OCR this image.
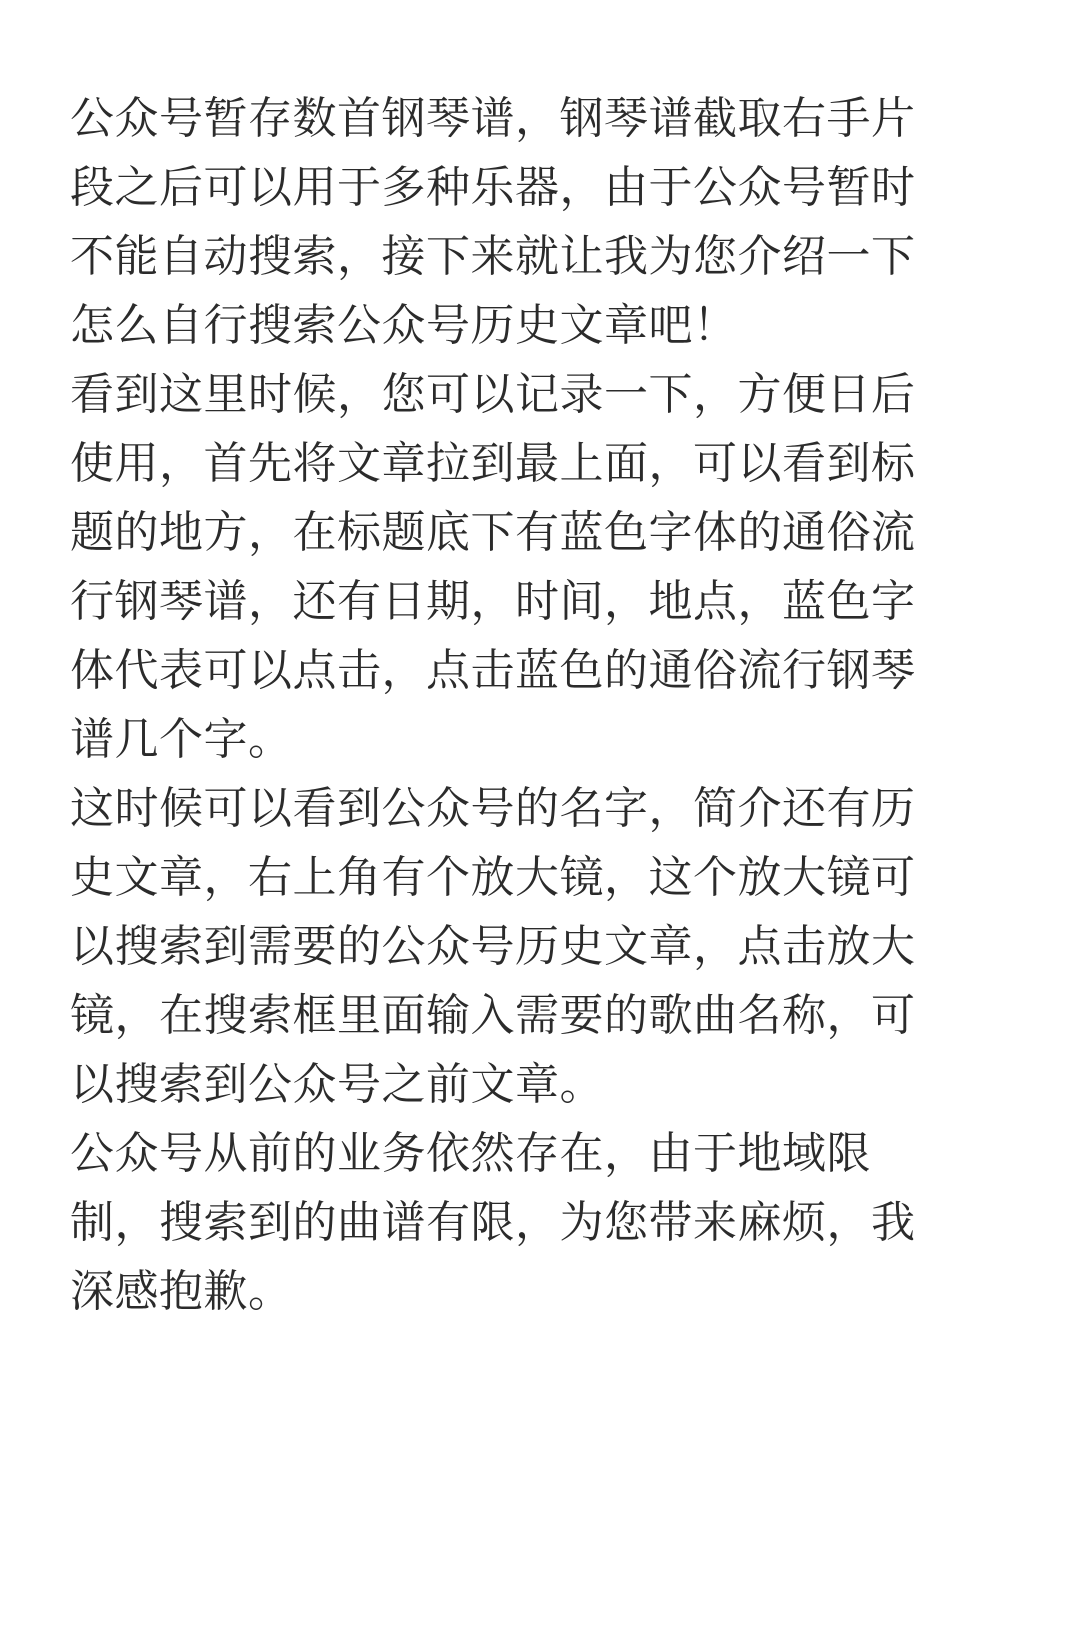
公众号暂存数首钢琴谱，钢琴谱截取右手片
段之后可以用于多种乐器，由于公众号暂时
不能自动搜索，接下来就让我为您介绍一下
怎么自行搜索公众号历史文章吧！
看到这里时候，您可以记录一下，方便日后
使用，首先将文章拉到最上面，可以看到标
题的地方，在标题底下有蓝色字体的通俗流
行钢琴谱，还有日期，时间，地点，蓝色字
体代表可以点击，点击蓝色的通俗流行钢琴
谱几个字。
这时候可以看到公众号的名字，简介还有历
史文章，右上角有个放大镜，这个放大镜可
以搜索到需要的公众号历史文章，点击放大
镜，在搜索框里面输入需要的歌曲名称，可
以搜索到公众号之前文章。
公众号从前的业务依然存在，由于地域限
制，搜索到的曲谱有限，为您带来麻烦，我
深感抱歉。
